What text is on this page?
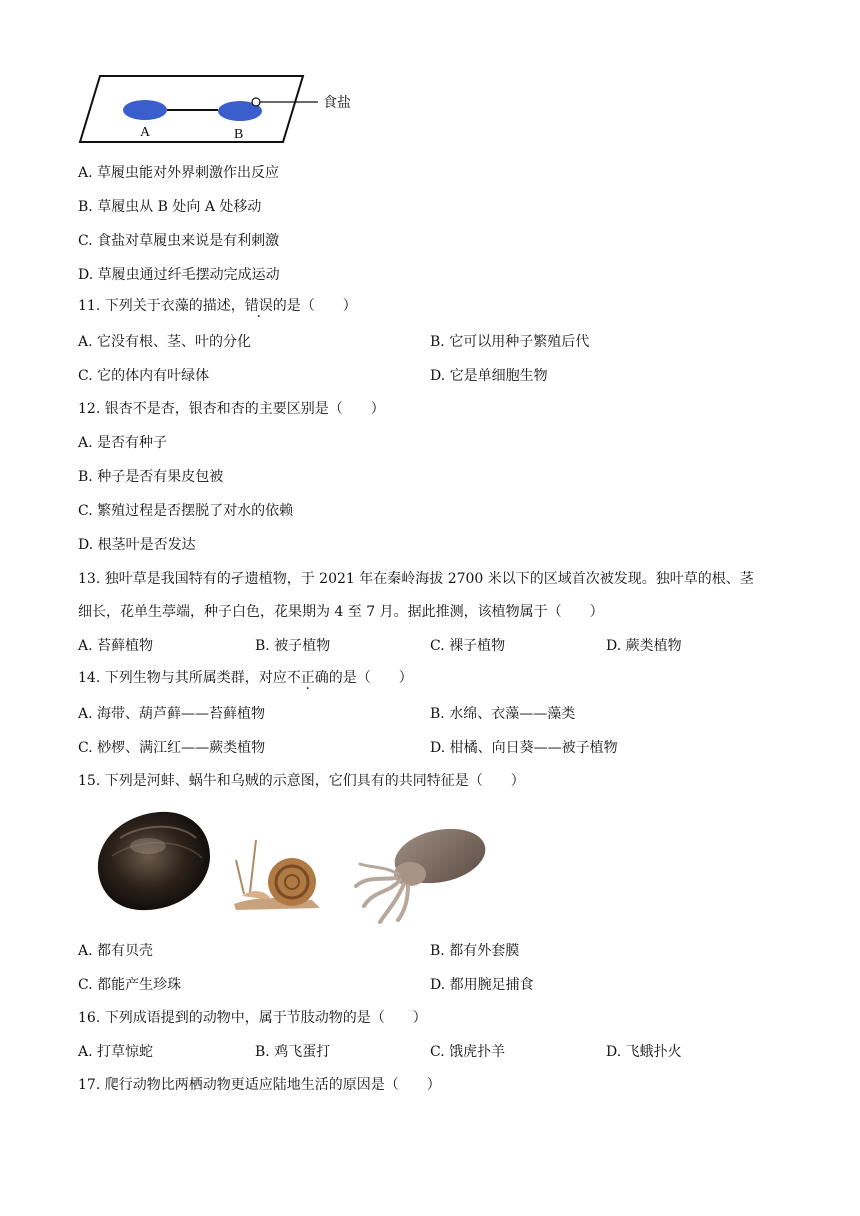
A	B
食盐
A. 草履虫能对外界刺激作出反应
B. 草履虫从 B 处向 A 处移动
C. 食盐对草履虫来说是有利刺激
D. 草履虫通过纤毛摆动完成运动
11. 下列关于衣藻的描述，错误的是（　　）
A. 它没有根、茎、叶的分化	B. 它可以用种子繁殖后代
C. 它的体内有叶绿体	D. 它是单细胞生物
12. 银杏不是杏，银杏和杏的主要区别是（　　）
A. 是否有种子
B. 种子是否有果皮包被
C. 繁殖过程是否摆脱了对水的依赖
D. 根茎叶是否发达
13. 独叶草是我国特有的孑遗植物，于 2021 年在秦岭海拔 2700 米以下的区域首次被发现。独叶草的根、茎
细长，花单生葶端，种子白色，花果期为 4 至 7 月。据此推测，该植物属于（　　）
A. 苔藓植物	B. 被子植物	C. 裸子植物	D. 蕨类植物
14. 下列生物与其所属类群，对应不正确的是（　　）
A. 海带、葫芦藓——苔藓植物	B. 水绵、衣藻——藻类
C. 桫椤、满江红——蕨类植物	D. 柑橘、向日葵——被子植物
15. 下列是河蚌、蜗牛和乌贼的示意图，它们具有的共同特征是（　　）
A. 都有贝壳	B. 都有外套膜
C. 都能产生珍珠	D. 都用腕足捕食
16. 下列成语提到的动物中，属于节肢动物的是（　　）
A. 打草惊蛇	B. 鸡飞蛋打	C. 饿虎扑羊	D. 飞蛾扑火
17. 爬行动物比两栖动物更适应陆地生活的原因是（　　）
